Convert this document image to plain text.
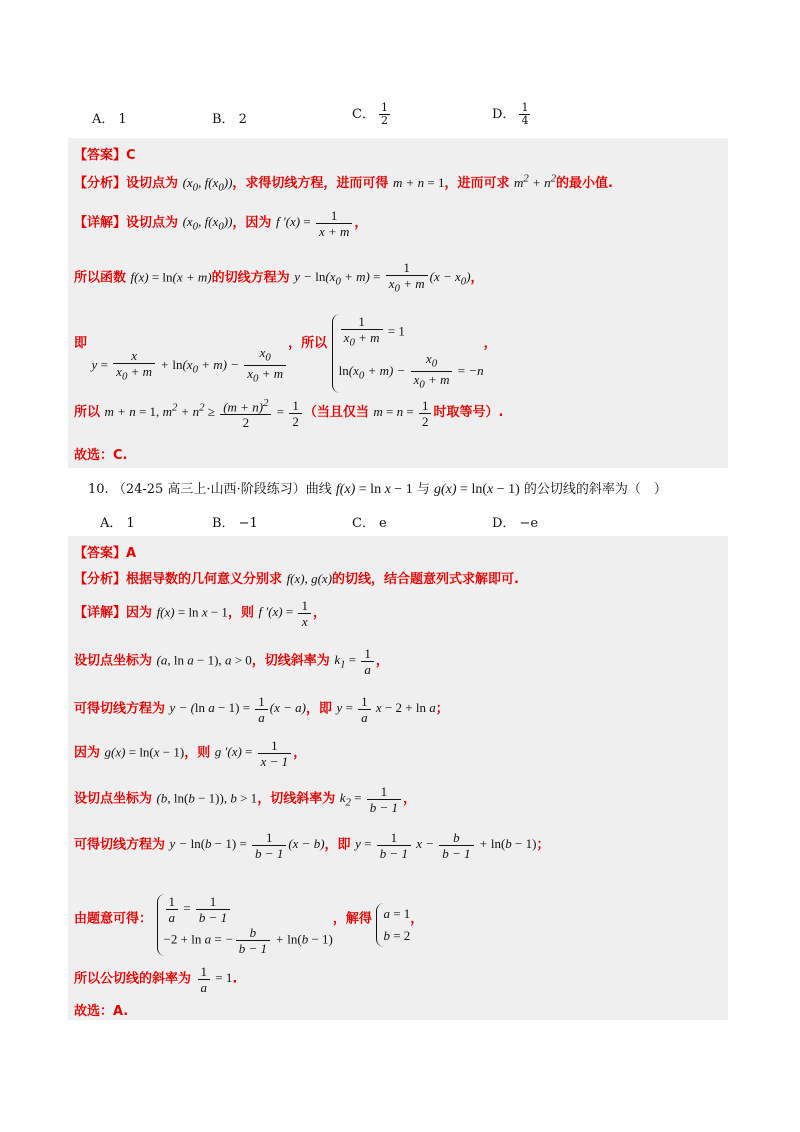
A． 1	B． 2	C． $\frac{1}{2}$	D． $\frac{1}{4}$
【答案】C
【分析】设切点为 ($x_0$, $f(x_0)$)，求得切线方程，进而可得 m + n = 1，进而可求 $m^2 + n^2$的最小值.
【详解】设切点为 ($x_0$, $f(x_0)$)，因为 f $'(x) = \frac{1}{x + m}$ ，
所以函数 f(x) = ln(x + m)的切线方程为 $y - \ln(x_0 + m) = \frac{1}{x_0 + m} (x - x_0)$，
即 $y = \frac{x}{x_0 + m} + \ln(x_0 + m) - \frac{x_0}{x_0 + m}$
，所以 $\frac{1}{x_0 + m} = 1$
$\ln(x_0 + m) - \frac{x_0}{x_0 + m} = -n$
，
所以 m + n = 1, $m^2 + n^2 \ge \frac{(m + n)^2}{2} = \frac{1}{2}$ （当且仅当 $m = n = \frac{1}{2}$ 时取等号）.
故选：C.
10. （24-25 高三上·山西·阶段练习）曲线 f(x) = ln x − 1 与 g(x) = ln(x − 1) 的公切线的斜率为（　）
A． 1	B． −1	C． e	D． −e
【答案】A
【分析】根据导数的几何意义分别求 f(x), g(x)的切线，结合题意列式求解即可.
【详解】因为 f(x) = ln x − 1，则 f $'(x) = \frac{1}{x}$ ，
设切点坐标为 (a, ln a − 1), a > 0，切线斜率为 $k_1 = \frac{1}{a}$ ，
可得切线方程为 y − (ln $a - 1) = \frac{1}{a} (x - a)$，即 $y = \frac{1}{a}$ x − 2 + ln a；
因为 g(x) = ln(x − 1)，则 g $'(x) = \frac{1}{x - 1}$ ，
设切点坐标为 (b, ln(b − 1)), b > 1，切线斜率为 $k_2 = \frac{1}{b - 1}$ ，
可得切线方程为 $y - \ln(b - 1) = \frac{1}{b - 1} (x - b)$，即 $y = \frac{1}{b - 1}$ $x - \frac{b}{b - 1} + \ln(b - 1)$；
由题意可得： $\frac{1}{a} = \frac{1}{b - 1}$
−2 + ln a = − $\frac{b}{b - 1} + \ln(b - 1)$
，解得 a = 1
b = 2
，
所以公切线的斜率为 $\frac{1}{a} = 1$.
故选：A.
